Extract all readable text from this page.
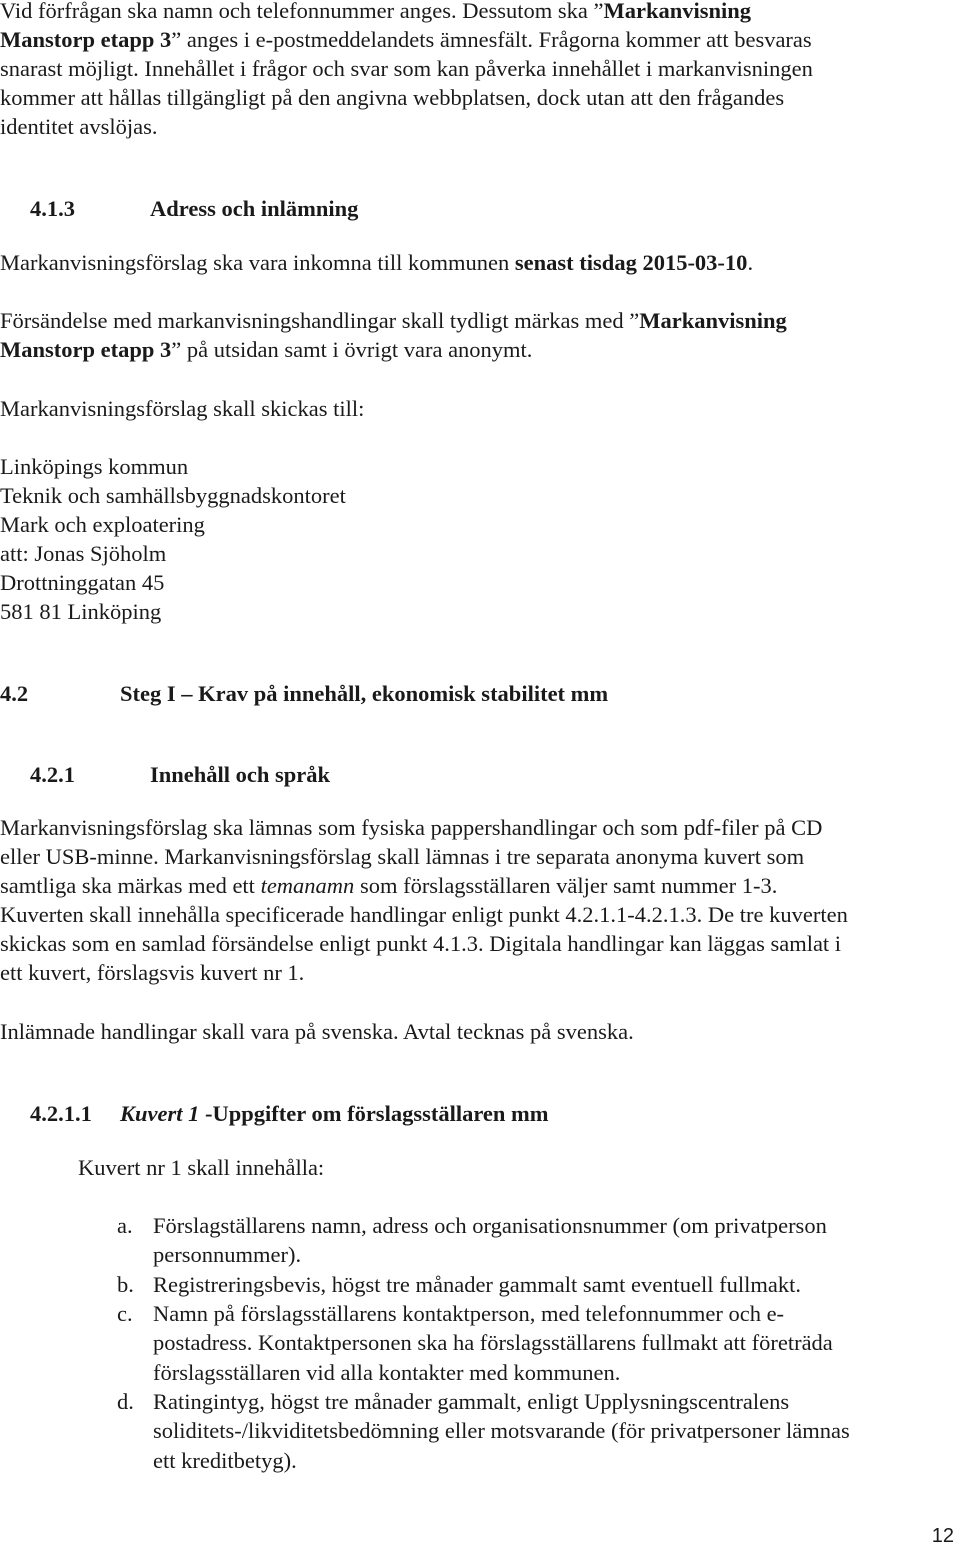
Vid förfrågan ska namn och telefonnummer anges. Dessutom ska ”Markanvisning
Manstorp etapp 3” anges i e-postmeddelandets ämnesfält. Frågorna kommer att besvaras
snarast möjligt. Innehållet i frågor och svar som kan påverka innehållet i markanvisningen
kommer att hållas tillgängligt på den angivna webbplatsen, dock utan att den frågandes
identitet avslöjas.
4.1.3	Adress och inlämning
Markanvisningsförslag ska vara inkomna till kommunen senast tisdag 2015-03-10.
Försändelse med markanvisningshandlingar skall tydligt märkas med ”Markanvisning
Manstorp etapp 3” på utsidan samt i övrigt vara anonymt.
Markanvisningsförslag skall skickas till:
Linköpings kommun
Teknik och samhällsbyggnadskontoret
Mark och exploatering
att: Jonas Sjöholm
Drottninggatan 45
581 81 Linköping
4.2	Steg I – Krav på innehåll, ekonomisk stabilitet mm
4.2.1	Innehåll och språk
Markanvisningsförslag ska lämnas som fysiska pappershandlingar och som pdf-filer på CD
eller USB-minne. Markanvisningsförslag skall lämnas i tre separata anonyma kuvert som
samtliga ska märkas med ett temanamn som förslagsställaren väljer samt nummer 1-3.
Kuverten skall innehålla specificerade handlingar enligt punkt 4.2.1.1-4.2.1.3. De tre kuverten
skickas som en samlad försändelse enligt punkt 4.1.3. Digitala handlingar kan läggas samlat i
ett kuvert, förslagsvis kuvert nr 1.
Inlämnade handlingar skall vara på svenska. Avtal tecknas på svenska.
4.2.1.1 Kuvert 1 -Uppgifter om förslagsställaren mm
Kuvert nr 1 skall innehålla:
a. Förslagställarens namn, adress och organisationsnummer (om privatperson
personnummer).
b. Registreringsbevis, högst tre månader gammalt samt eventuell fullmakt.
c. Namn på förslagsställarens kontaktperson, med telefonnummer och e-
postadress. Kontaktpersonen ska ha förslagsställarens fullmakt att företräda
förslagsställaren vid alla kontakter med kommunen.
d. Ratingintyg, högst tre månader gammalt, enligt Upplysningscentralens
soliditets-/likviditetsbedömning eller motsvarande (för privatpersoner lämnas
ett kreditbetyg).
12
